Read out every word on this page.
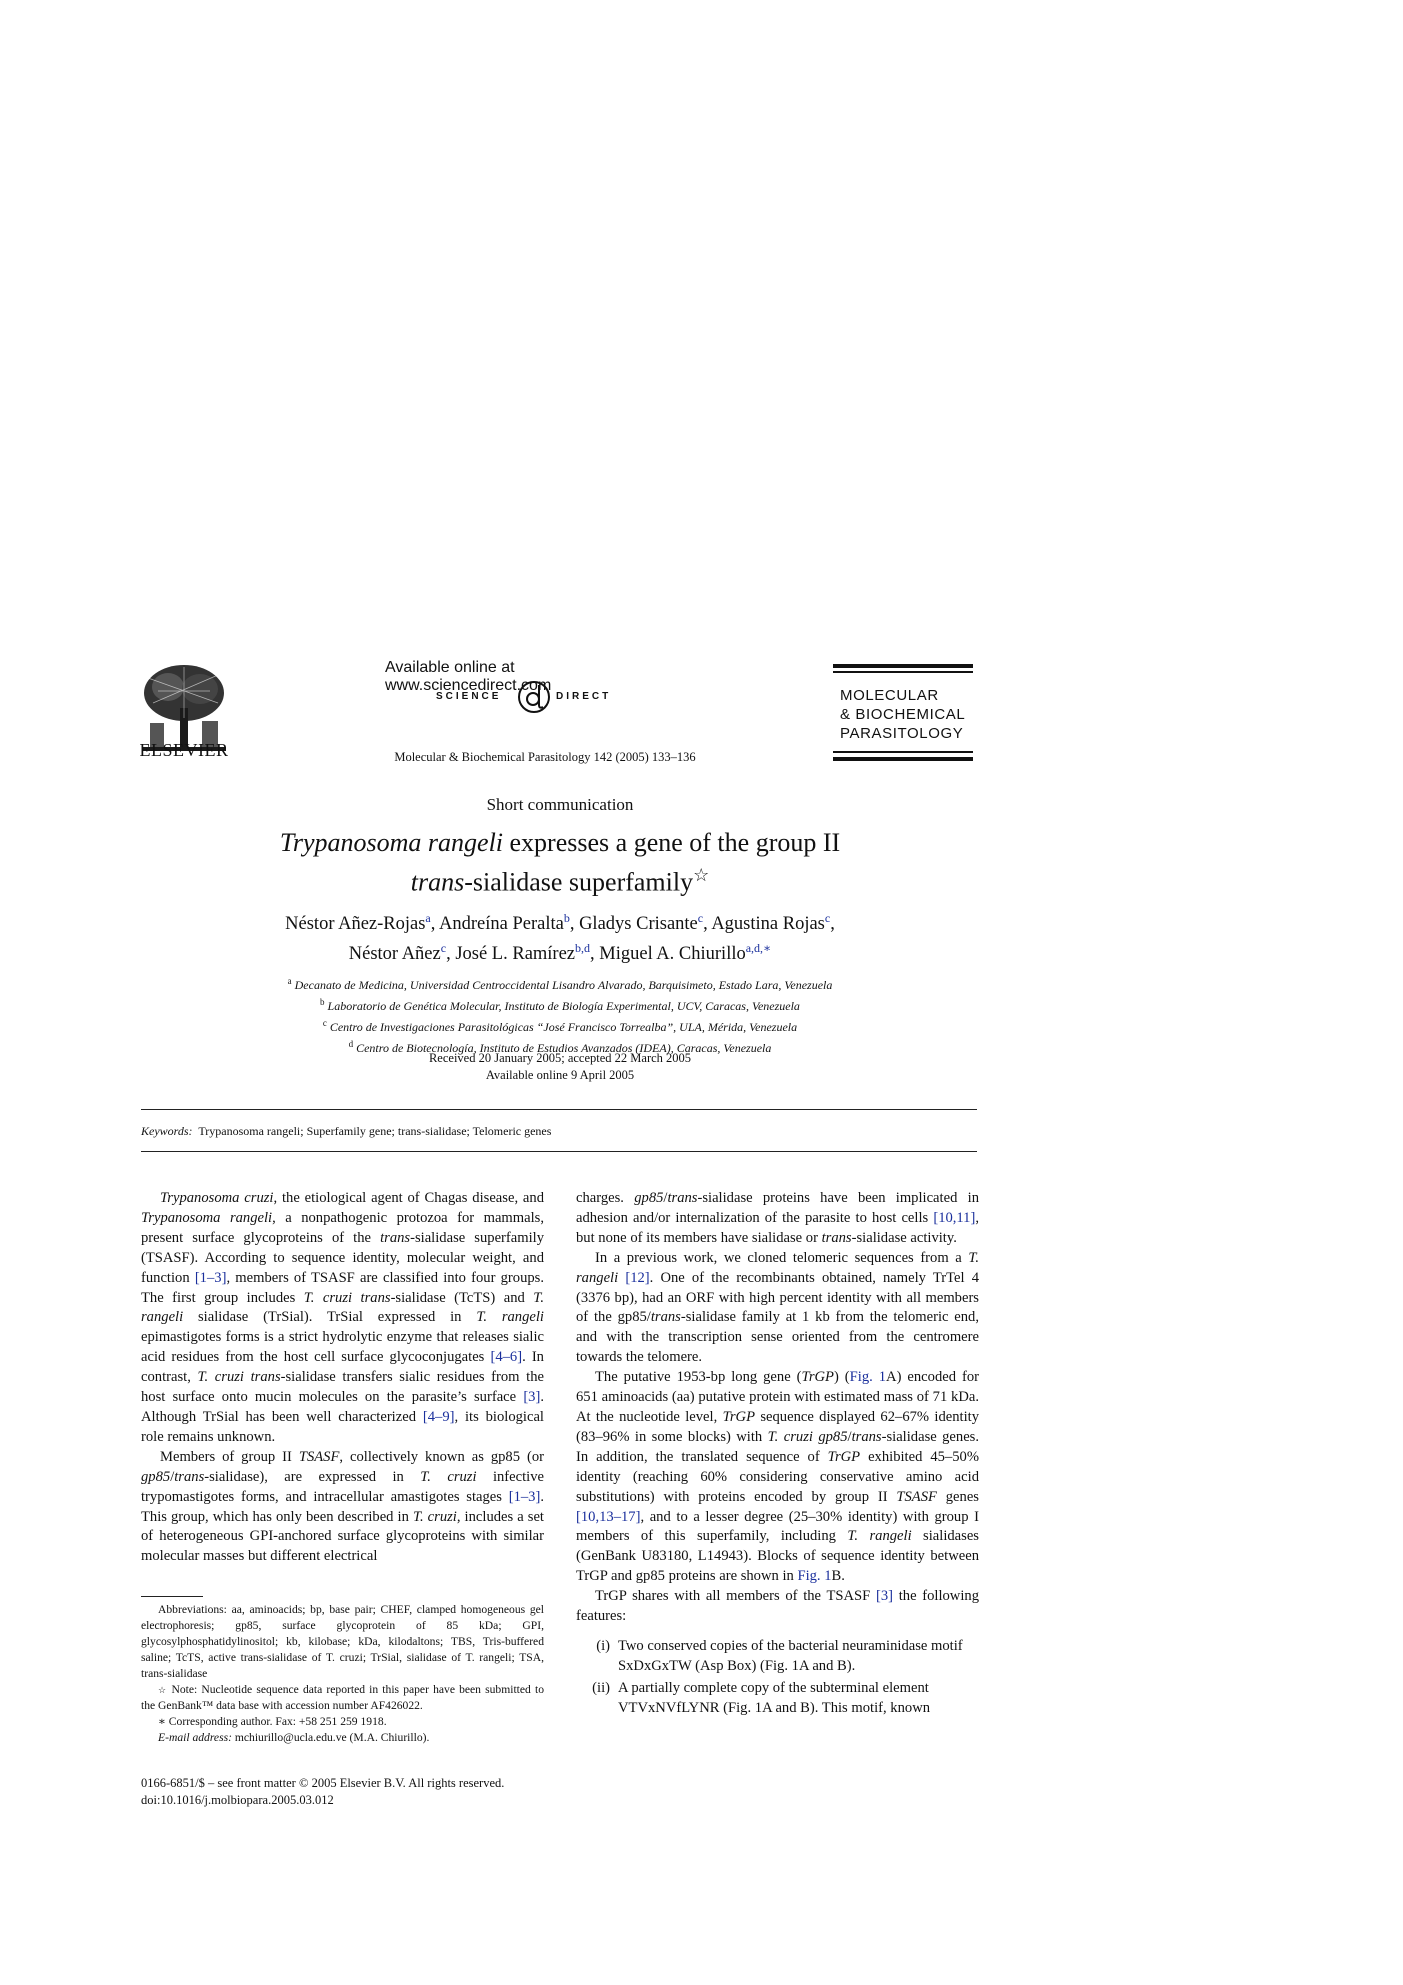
ELSEVIER
Available online at www.sciencedirect.com
SCIENCE	DIRECT
Molecular & Biochemical Parasitology 142 (2005) 133–136
MOLECULAR
& BIOCHEMICAL
PARASITOLOGY
Short communication
Trypanosoma rangeli expresses a gene of the group II
trans-sialidase superfamily☆
Néstor Añez-Rojas$^a$, Andreína Peralta$^b$, Gladys Crisante$^c$, Agustina Rojas$^c$,
Néstor Añez$^c$, José L. Ramírez$^{b,d}$, Miguel A. Chiurillo$^{a,d,∗}$
$^a$ Decanato de Medicina, Universidad Centroccidental Lisandro Alvarado, Barquisimeto, Estado Lara, Venezuela
$^b$ Laboratorio de Genética Molecular, Instituto de Biología Experimental, UCV, Caracas, Venezuela
$^c$ Centro de Investigaciones Parasitológicas “José Francisco Torrealba”, ULA, Mérida, Venezuela
$^d$ Centro de Biotecnología, Instituto de Estudios Avanzados (IDEA), Caracas, Venezuela
Received 20 January 2005; accepted 22 March 2005
Available online 9 April 2005
Keywords: Trypanosoma rangeli; Superfamily gene; trans-sialidase; Telomeric genes

Trypanosoma cruzi, the etiological agent of Chagas disease, and Trypanosoma rangeli, a nonpathogenic protozoa for mammals, present surface glycoproteins of the trans-sialidase superfamily (TSASF). According to sequence identity, molecular weight, and function [1–3], members of TSASF are classified into four groups. The first group includes T. cruzi trans-sialidase (TcTS) and T. rangeli sialidase (TrSial). TrSial expressed in T. rangeli epimastigotes forms is a strict hydrolytic enzyme that releases sialic acid residues from the host cell surface glycoconjugates [4–6]. In contrast, T. cruzi trans-sialidase transfers sialic residues from the host surface onto mucin molecules on the parasite’s surface [3]. Although TrSial has been well characterized [4–9], its biological role remains unknown.

Members of group II TSASF, collectively known as gp85 (or gp85/trans-sialidase), are expressed in T. cruzi infective trypomastigotes forms, and intracellular amastigotes stages [1–3]. This group, which has only been described in T. cruzi, includes a set of heterogeneous GPI-anchored surface glycoproteins with similar molecular masses but different electrical

Abbreviations: aa, aminoacids; bp, base pair; CHEF, clamped homogeneous gel electrophoresis; gp85, surface glycoprotein of 85 kDa; GPI, glycosylphosphatidylinositol; kb, kilobase; kDa, kilodaltons; TBS, Tris-buffered saline; TcTS, active trans-sialidase of T. cruzi; TrSial, sialidase of T. rangeli; TSA, trans-sialidase

☆ Note: Nucleotide sequence data reported in this paper have been submitted to the GenBank™ data base with accession number AF426022.

∗ Corresponding author. Fax: +58 251 259 1918.

E-mail address: mchiurillo@ucla.edu.ve (M.A. Chiurillo).

0166-6851/$ – see front matter © 2005 Elsevier B.V. All rights reserved.
doi:10.1016/j.molbiopara.2005.03.012

charges. gp85/trans-sialidase proteins have been implicated in adhesion and/or internalization of the parasite to host cells [10,11], but none of its members have sialidase or trans-sialidase activity.

In a previous work, we cloned telomeric sequences from a T. rangeli [12]. One of the recombinants obtained, namely TrTel 4 (3376 bp), had an ORF with high percent identity with all members of the gp85/trans-sialidase family at 1 kb from the telomeric end, and with the transcription sense oriented from the centromere towards the telomere.

The putative 1953-bp long gene (TrGP) (Fig. 1A) encoded for 651 aminoacids (aa) putative protein with estimated mass of 71 kDa. At the nucleotide level, TrGP sequence displayed 62–67% identity (83–96% in some blocks) with T. cruzi gp85/trans-sialidase genes. In addition, the translated sequence of TrGP exhibited 45–50% identity (reaching 60% considering conservative amino acid substitutions) with proteins encoded by group II TSASF genes [10,13–17], and to a lesser degree (25–30% identity) with group I members of this superfamily, including T. rangeli sialidases (GenBank U83180, L14943). Blocks of sequence identity between TrGP and gp85 proteins are shown in Fig. 1B.

TrGP shares with all members of the TSASF [3] the following features:

(i) Two conserved copies of the bacterial neuraminidase motif SxDxGxTW (Asp Box) (Fig. 1A and B).
(ii) A partially complete copy of the subterminal element VTVxNVfLYNR (Fig. 1A and B). This motif, known
